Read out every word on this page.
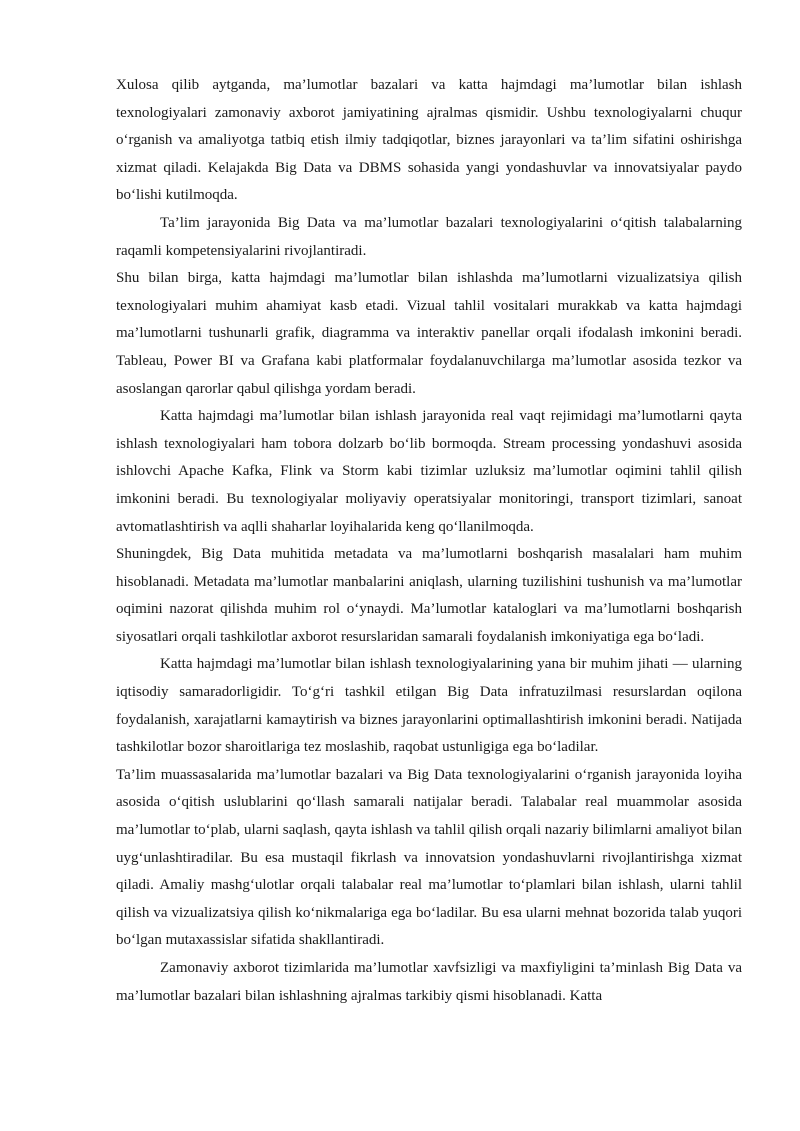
Xulosa qilib aytganda, ma’lumotlar bazalari va katta hajmdagi ma’lumotlar bilan ishlash texnologiyalari zamonaviy axborot jamiyatining ajralmas qismidir. Ushbu texnologiyalarni chuqur o‘rganish va amaliyotga tatbiq etish ilmiy tadqiqotlar, biznes jarayonlari va ta’lim sifatini oshirishga xizmat qiladi. Kelajakda Big Data va DBMS sohasida yangi yondashuvlar va innovatsiyalar paydo bo‘lishi kutilmoqda.

Ta’lim jarayonida Big Data va ma’lumotlar bazalari texnologiyalarini o‘qitish talabalarning raqamli kompetensiyalarini rivojlantiradi.

Shu bilan birga, katta hajmdagi ma’lumotlar bilan ishlashda ma’lumotlarni vizualizatsiya qilish texnologiyalari muhim ahamiyat kasb etadi. Vizual tahlil vositalari murakkab va katta hajmdagi ma’lumotlarni tushunarli grafik, diagramma va interaktiv panellar orqali ifodalash imkonini beradi. Tableau, Power BI va Grafana kabi platformalar foydalanuvchilarga ma’lumotlar asosida tezkor va asoslangan qarorlar qabul qilishga yordam beradi.

Katta hajmdagi ma’lumotlar bilan ishlash jarayonida real vaqt rejimidagi ma’lumotlarni qayta ishlash texnologiyalari ham tobora dolzarb bo‘lib bormoqda. Stream processing yondashuvi asosida ishlovchi Apache Kafka, Flink va Storm kabi tizimlar uzluksiz ma’lumotlar oqimini tahlil qilish imkonini beradi. Bu texnologiyalar moliyaviy operatsiyalar monitoringi, transport tizimlari, sanoat avtomatlashtirish va aqlli shaharlar loyihalarida keng qo‘llanilmoqda.

Shuningdek, Big Data muhitida metadata va ma’lumotlarni boshqarish masalalari ham muhim hisoblanadi. Metadata ma’lumotlar manbalarini aniqlash, ularning tuzilishini tushunish va ma’lumotlar oqimini nazorat qilishda muhim rol o‘ynaydi. Ma’lumotlar kataloglari va ma’lumotlarni boshqarish siyosatlari orqali tashkilotlar axborot resurslaridan samarali foydalanish imkoniyatiga ega bo‘ladi.

Katta hajmdagi ma’lumotlar bilan ishlash texnologiyalarining yana bir muhim jihati — ularning iqtisodiy samaradorligidir. To‘g‘ri tashkil etilgan Big Data infratuzilmasi resurslardan oqilona foydalanish, xarajatlarni kamaytirish va biznes jarayonlarini optimallashtirish imkonini beradi. Natijada tashkilotlar bozor sharoitlariga tez moslashib, raqobat ustunligiga ega bo‘ladilar.

Ta’lim muassasalarida ma’lumotlar bazalari va Big Data texnologiyalarini o‘rganish jarayonida loyiha asosida o‘qitish uslublarini qo‘llash samarali natijalar beradi. Talabalar real muammolar asosida ma’lumotlar to‘plab, ularni saqlash, qayta ishlash va tahlil qilish orqali nazariy bilimlarni amaliyot bilan uyg‘unlashtiradilar. Bu esa mustaqil fikrlash va innovatsion yondashuvlarni rivojlantirishga xizmat qiladi. Amaliy mashg‘ulotlar orqali talabalar real ma’lumotlar to‘plamlari bilan ishlash, ularni tahlil qilish va vizualizatsiya qilish ko‘nikmalariga ega bo‘ladilar. Bu esa ularni mehnat bozorida talab yuqori bo‘lgan mutaxassislar sifatida shakllantiradi.

Zamonaviy axborot tizimlarida ma’lumotlar xavfsizligi va maxfiyligini ta’minlash Big Data va ma’lumotlar bazalari bilan ishlashning ajralmas tarkibiy qismi hisoblanadi. Katta
